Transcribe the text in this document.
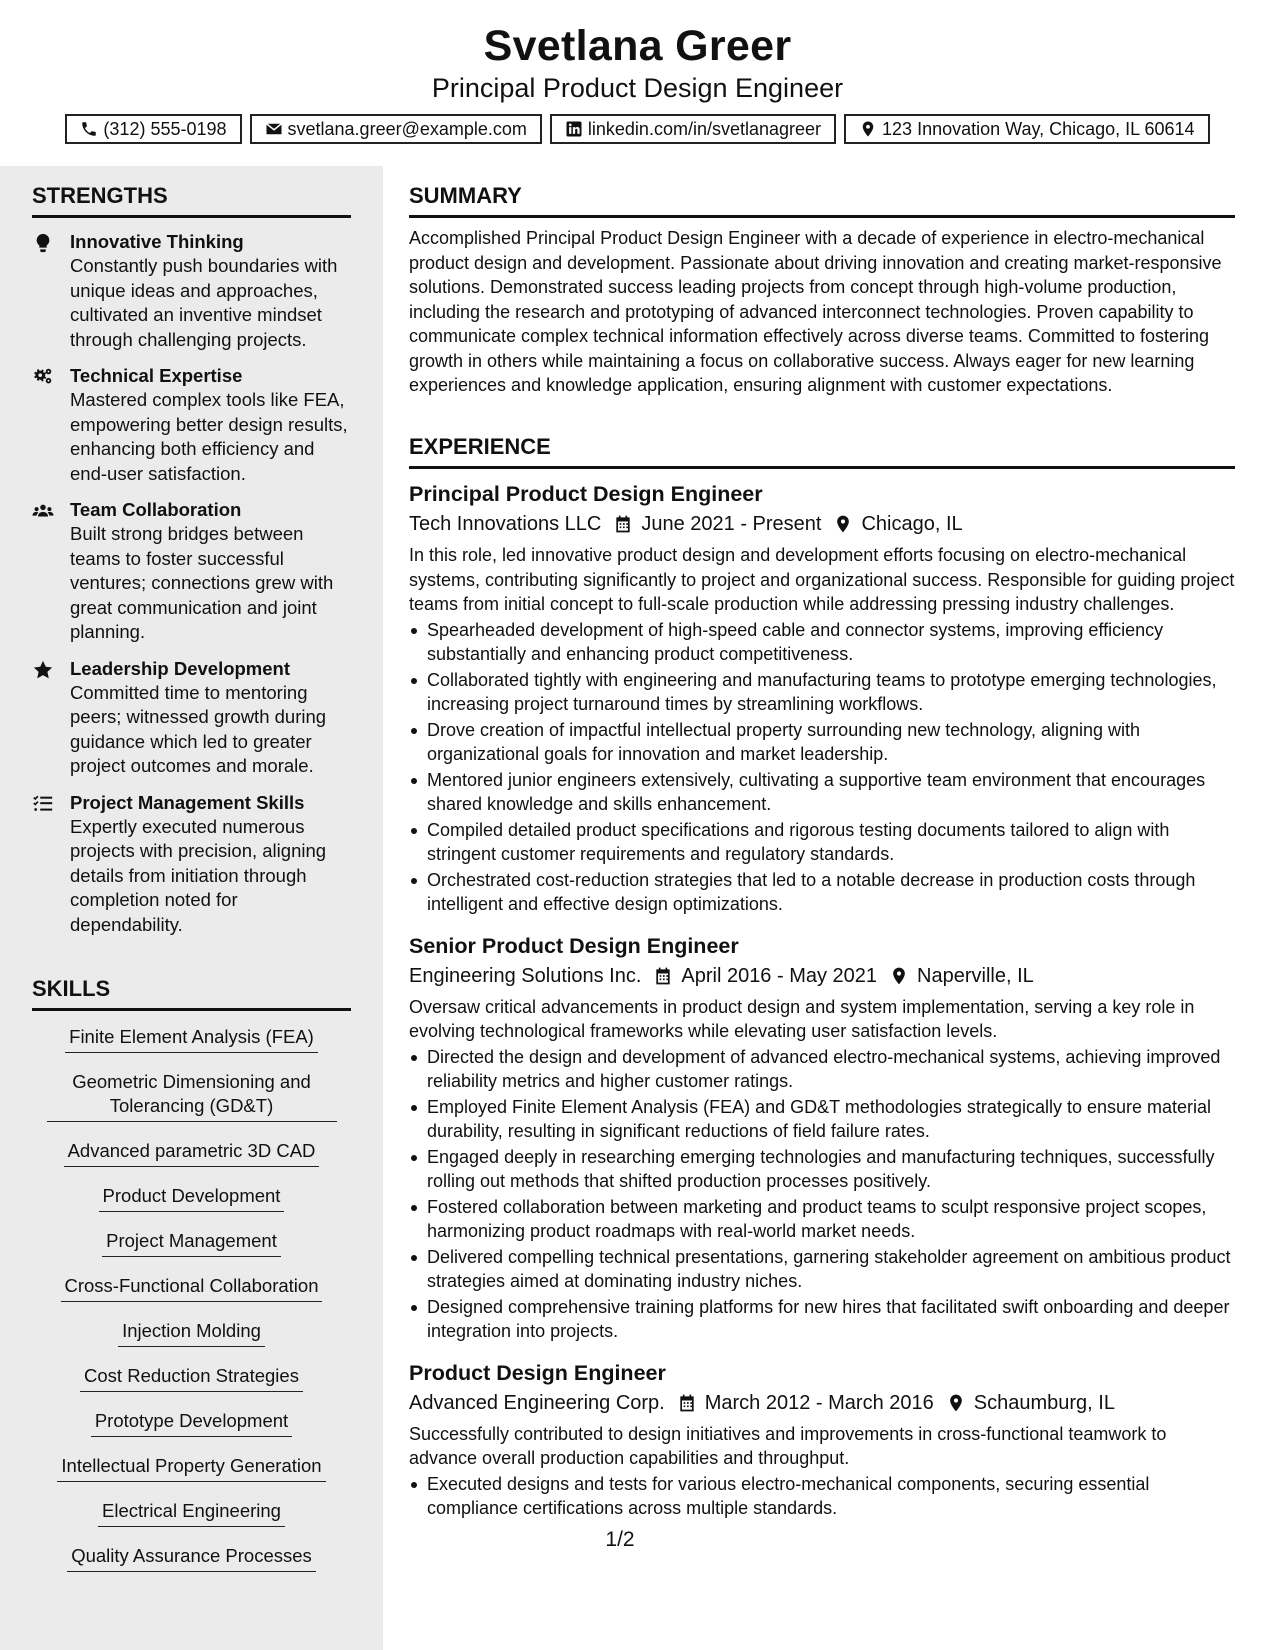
Svetlana Greer
Principal Product Design Engineer
(312) 555-0198	svetlana.greer@example.com	linkedin.com/in/svetlanagreer	123 Innovation Way, Chicago, IL 60614
STRENGTHS
Innovative Thinking
Constantly push boundaries with unique ideas and approaches, cultivated an inventive mindset through challenging projects.
Technical Expertise
Mastered complex tools like FEA, empowering better design results, enhancing both efficiency and end-user satisfaction.
Team Collaboration
Built strong bridges between teams to foster successful ventures; connections grew with great communication and joint planning.
Leadership Development
Committed time to mentoring peers; witnessed growth during guidance which led to greater project outcomes and morale.
Project Management Skills
Expertly executed numerous projects with precision, aligning details from initiation through completion noted for dependability.
SKILLS
Finite Element Analysis (FEA)
Geometric Dimensioning and Tolerancing (GD&T)
Advanced parametric 3D CAD
Product Development
Project Management
Cross-Functional Collaboration
Injection Molding
Cost Reduction Strategies
Prototype Development
Intellectual Property Generation
Electrical Engineering
Quality Assurance Processes
SUMMARY
Accomplished Principal Product Design Engineer with a decade of experience in electro-mechanical product design and development. Passionate about driving innovation and creating market-responsive solutions. Demonstrated success leading projects from concept through high-volume production, including the research and prototyping of advanced interconnect technologies. Proven capability to communicate complex technical information effectively across diverse teams. Committed to fostering growth in others while maintaining a focus on collaborative success. Always eager for new learning experiences and knowledge application, ensuring alignment with customer expectations.
EXPERIENCE
Principal Product Design Engineer
Tech Innovations LLC June 2021 - Present Chicago, IL
In this role, led innovative product design and development efforts focusing on electro-mechanical systems, contributing significantly to project and organizational success. Responsible for guiding project teams from initial concept to full-scale production while addressing pressing industry challenges.
Spearheaded development of high-speed cable and connector systems, improving efficiency substantially and enhancing product competitiveness.
Collaborated tightly with engineering and manufacturing teams to prototype emerging technologies, increasing project turnaround times by streamlining workflows.
Drove creation of impactful intellectual property surrounding new technology, aligning with organizational goals for innovation and market leadership.
Mentored junior engineers extensively, cultivating a supportive team environment that encourages shared knowledge and skills enhancement.
Compiled detailed product specifications and rigorous testing documents tailored to align with stringent customer requirements and regulatory standards.
Orchestrated cost-reduction strategies that led to a notable decrease in production costs through intelligent and effective design optimizations.
Senior Product Design Engineer
Engineering Solutions Inc. April 2016 - May 2021 Naperville, IL
Oversaw critical advancements in product design and system implementation, serving a key role in evolving technological frameworks while elevating user satisfaction levels.
Directed the design and development of advanced electro-mechanical systems, achieving improved reliability metrics and higher customer ratings.
Employed Finite Element Analysis (FEA) and GD&T methodologies strategically to ensure material durability, resulting in significant reductions of field failure rates.
Engaged deeply in researching emerging technologies and manufacturing techniques, successfully rolling out methods that shifted production processes positively.
Fostered collaboration between marketing and product teams to sculpt responsive project scopes, harmonizing product roadmaps with real-world market needs.
Delivered compelling technical presentations, garnering stakeholder agreement on ambitious product strategies aimed at dominating industry niches.
Designed comprehensive training platforms for new hires that facilitated swift onboarding and deeper integration into projects.
Product Design Engineer
Advanced Engineering Corp. March 2012 - March 2016 Schaumburg, IL
Successfully contributed to design initiatives and improvements in cross-functional teamwork to advance overall production capabilities and throughput.
Executed designs and tests for various electro-mechanical components, securing essential compliance certifications across multiple standards.
1/2
